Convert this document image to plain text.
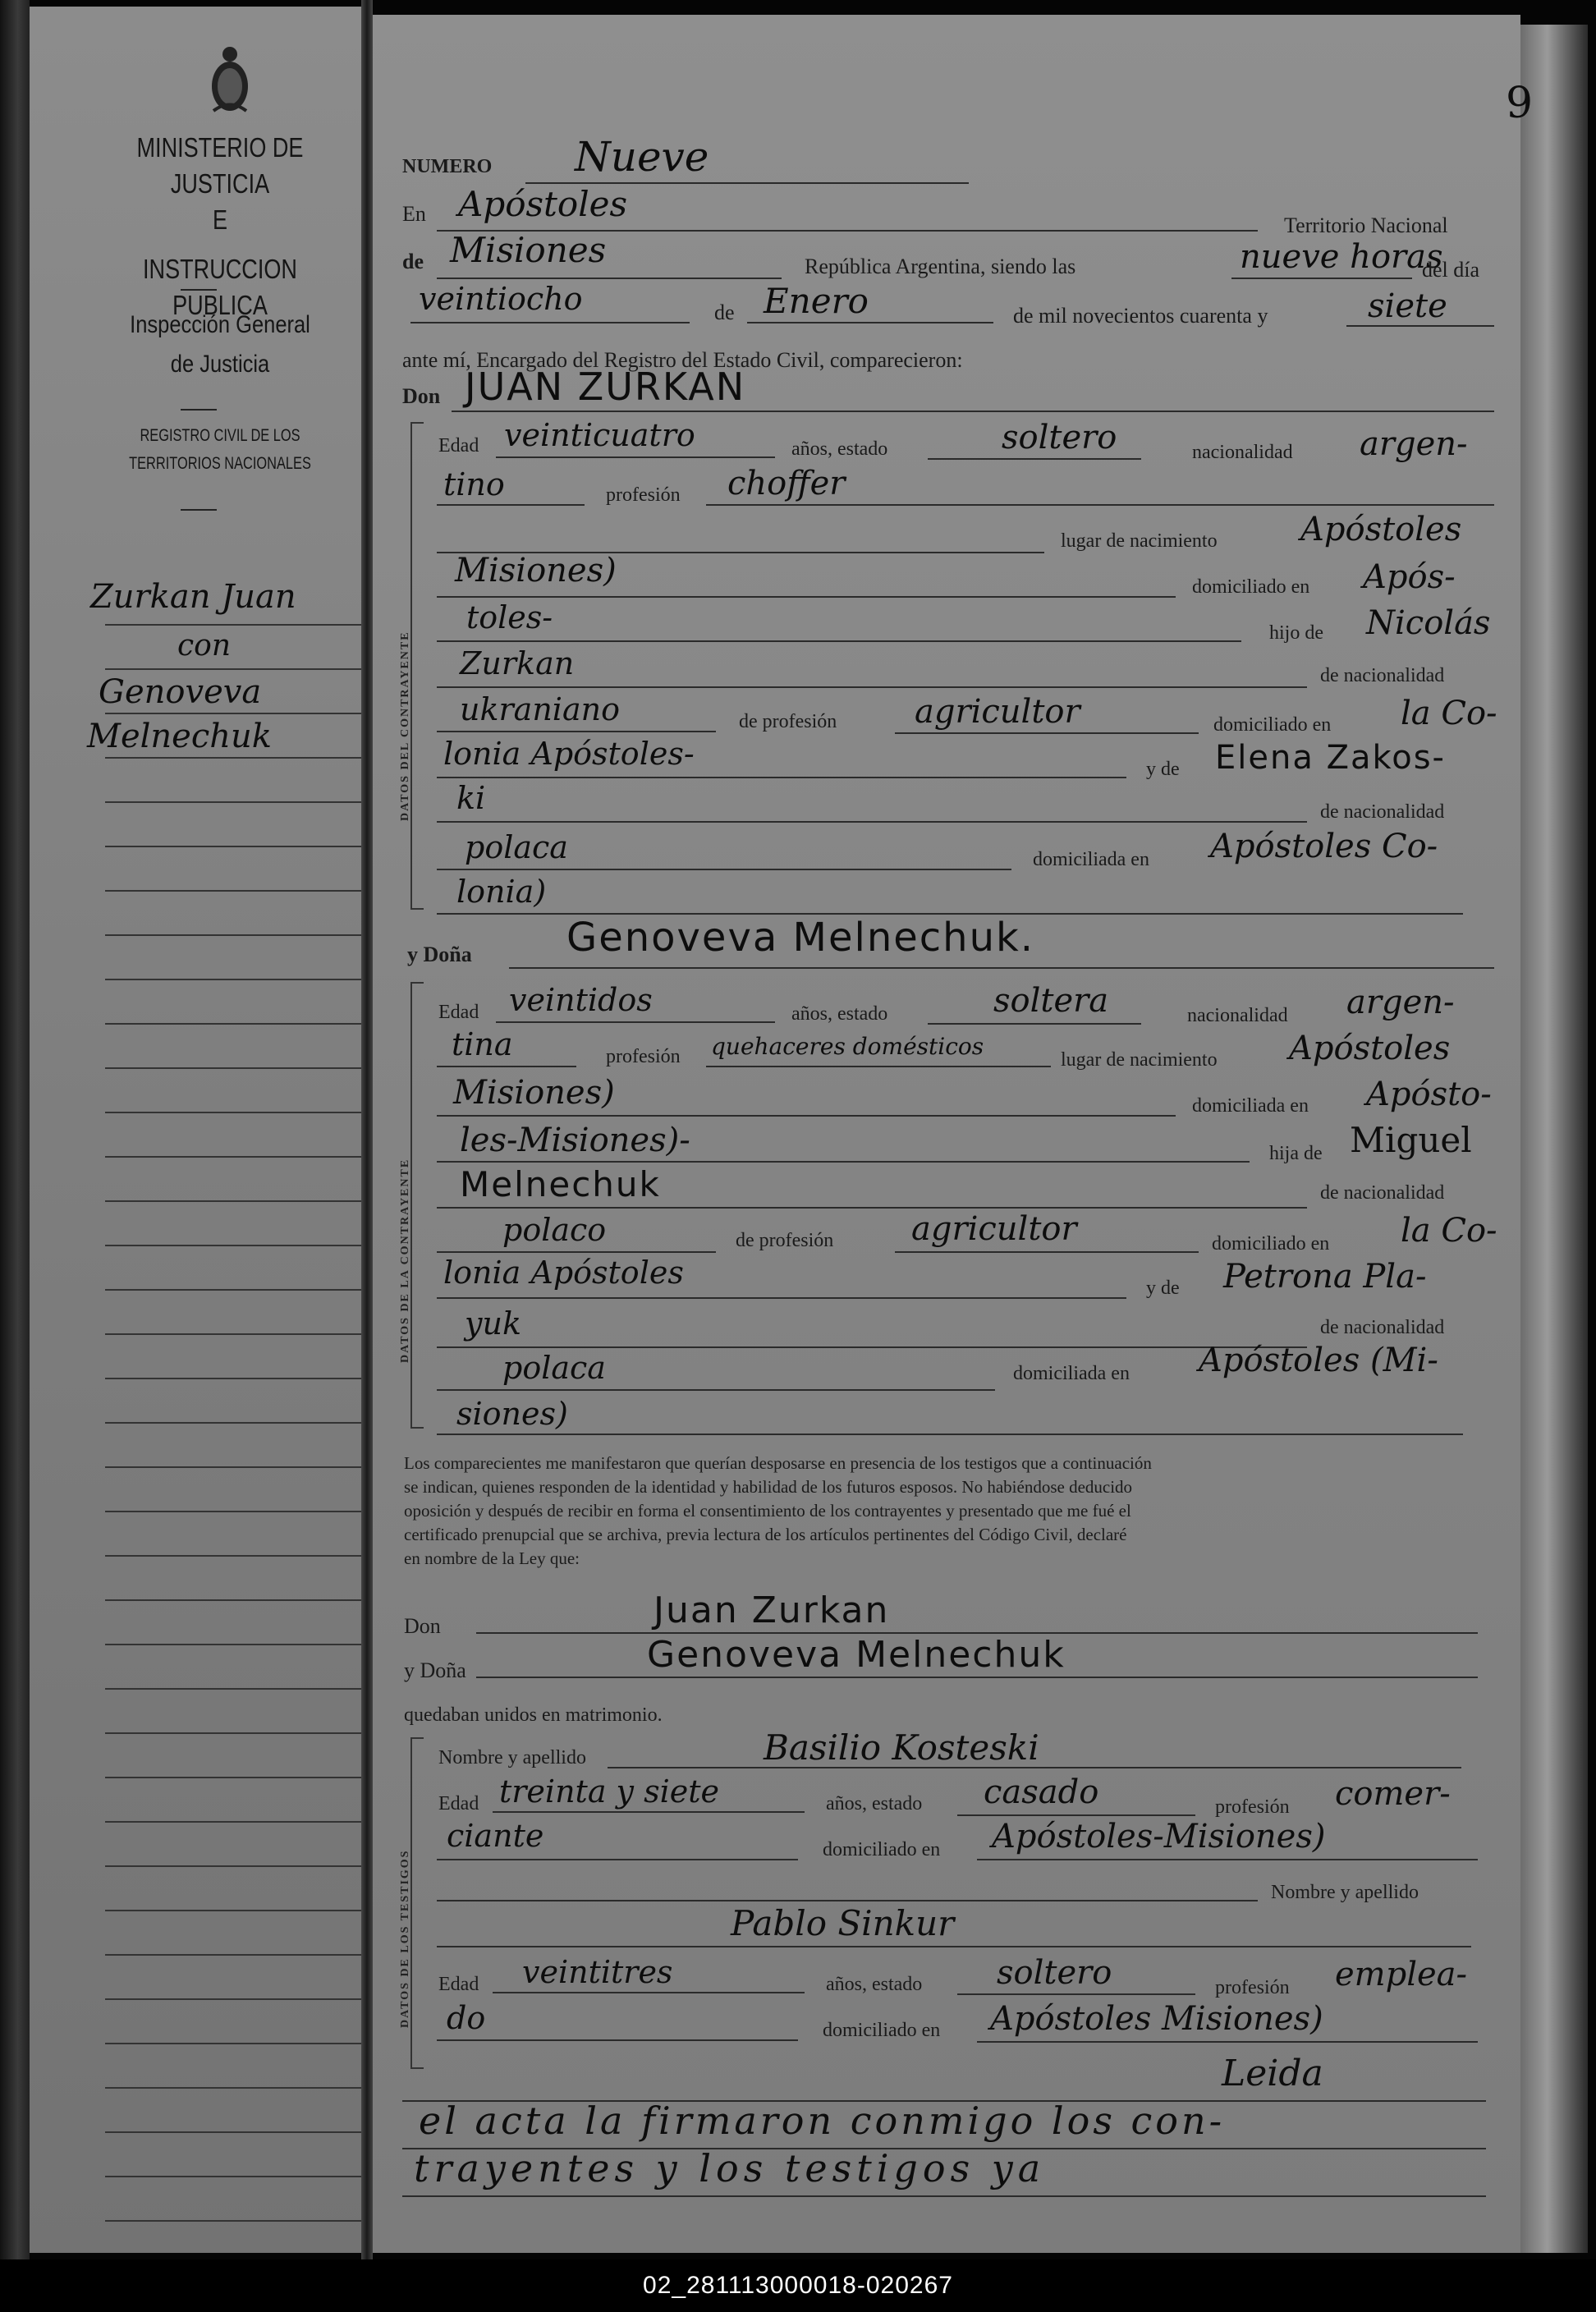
MINISTERIO DE JUSTICIA
E
INSTRUCCION PUBLICA
Inspección General
de Justicia
REGISTRO CIVIL DE LOS
TERRITORIOS NACIONALES
Zurkan Juan
con
Genoveva
Melnechuk
9
NUMERO Nueve
En Apóstoles
Territorio Nacional
de Misiones	República Argentina, siendo las	nueve horas
del día
veintiocho	de Enero	de mil novecientos cuarenta y	siete
ante mí, Encargado del Registro del Estado Civil, comparecieron:
Don JUAN ZURKAN
DATOS DEL CONTRAYENTE
Edad veinticuatro	años, estado	soltero	nacionalidad argen-
tino	profesión choffer
lugar de nacimiento	Apóstoles
Misiones)	domiciliado en Após-
toles-	hijo de Nicolás
Zurkan	de nacionalidad
ukraniano	de profesión agricultor	domiciliado en la Co-
lonia Apóstoles-	y de Elena Zakos-
ki	de nacionalidad
polaca	domiciliada en Apóstoles Co-
lonia)
y Doña Genoveva Melnechuk.
DATOS DE LA CONTRAYENTE
Edad veintidos	años, estado	soltera	nacionalidad argen-
tina	profesión quehaceres domésticos	lugar de nacimiento Apóstoles
Misiones)	domiciliada en Apósto-
les-Misiones)-	hija de Miguel
Melnechuk	de nacionalidad
polaco	de profesión agricultor	domiciliado en la Co-
lonia Apóstoles	y de Petrona Pla-
yuk	de nacionalidad
polaca	domiciliada en Apóstoles (Mi-
siones)
Los comparecientes me manifestaron que querían desposarse en presencia de los testigos que a continuación
se indican, quienes responden de la identidad y habilidad de los futuros esposos. No habiéndose deducido
oposición y después de recibir en forma el consentimiento de los contrayentes y presentado que me fué el
certificado prenupcial que se archiva, previa lectura de los artículos pertinentes del Código Civil, declaré
en nombre de la Ley que:
Don	Juan Zurkan
y Doña	Genoveva Melnechuk
quedaban unidos en matrimonio.
DATOS DE LOS TESTIGOS
Nombre y apellido	Basilio Kosteski
Edad treinta y siete	años, estado casado	profesión comer-
ciante	domiciliado en Apóstoles-Misiones)
Nombre y apellido
Pablo Sinkur
Edad veintitres	años, estado soltero	profesión emplea-
do	domiciliado en Apóstoles Misiones)
Leida
el acta la firmaron conmigo los con-
trayentes y los testigos ya
02_281113000018-020267
